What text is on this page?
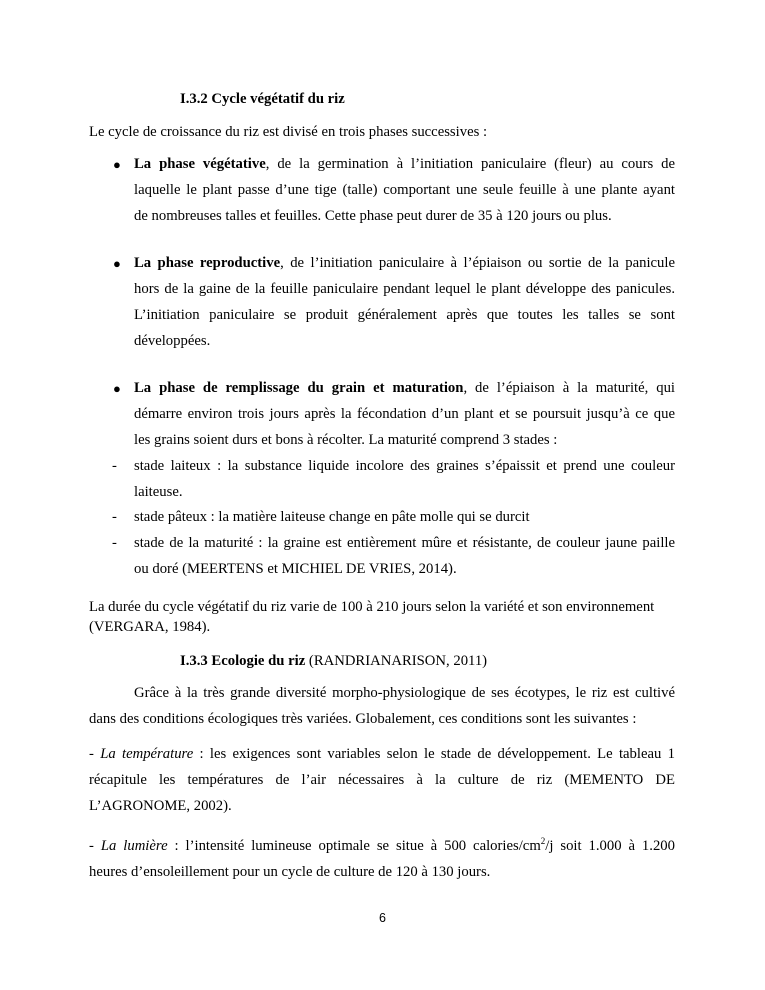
I.3.2 Cycle végétatif du riz
Le cycle de croissance du riz est divisé en trois phases successives :
● La phase végétative, de la germination à l’initiation paniculaire (fleur) au cours de
laquelle le plant passe d’une tige (talle) comportant une seule feuille à une plante ayant
de nombreuses talles et feuilles. Cette phase peut durer de 35 à 120 jours ou plus.
● La phase reproductive, de l’initiation paniculaire à l’épiaison ou sortie de la panicule
hors de la gaine de la feuille paniculaire pendant lequel le plant développe des panicules.
L’initiation paniculaire se produit généralement après que toutes les talles se sont
développées.
● La phase de remplissage du grain et maturation, de l’épiaison à la maturité, qui
démarre environ trois jours après la fécondation d’un plant et se poursuit jusqu’à ce que
les grains soient durs et bons à récolter. La maturité comprend 3 stades :
- stade laiteux : la substance liquide incolore des graines s’épaissit et prend une couleur
laiteuse.
- stade pâteux : la matière laiteuse change en pâte molle qui se durcit
- stade de la maturité : la graine est entièrement mûre et résistante, de couleur jaune paille
ou doré (MEERTENS et MICHIEL DE VRIES, 2014).
La durée du cycle végétatif du riz varie de 100 à 210 jours selon la variété et son environnement
(VERGARA, 1984).
I.3.3 Ecologie du riz (RANDRIANARISON, 2011)
Grâce à la très grande diversité morpho-physiologique de ses écotypes, le riz est cultivé
dans des conditions écologiques très variées. Globalement, ces conditions sont les suivantes :
- La température : les exigences sont variables selon le stade de développement. Le tableau 1
récapitule les températures de l’air nécessaires à la culture de riz (MEMENTO DE
L’AGRONOME, 2002).
- La lumière : l’intensité lumineuse optimale se situe à 500 calories/$cm^2/j$ soit 1.000 à 1.200
heures d’ensoleillement pour un cycle de culture de 120 à 130 jours.
6
